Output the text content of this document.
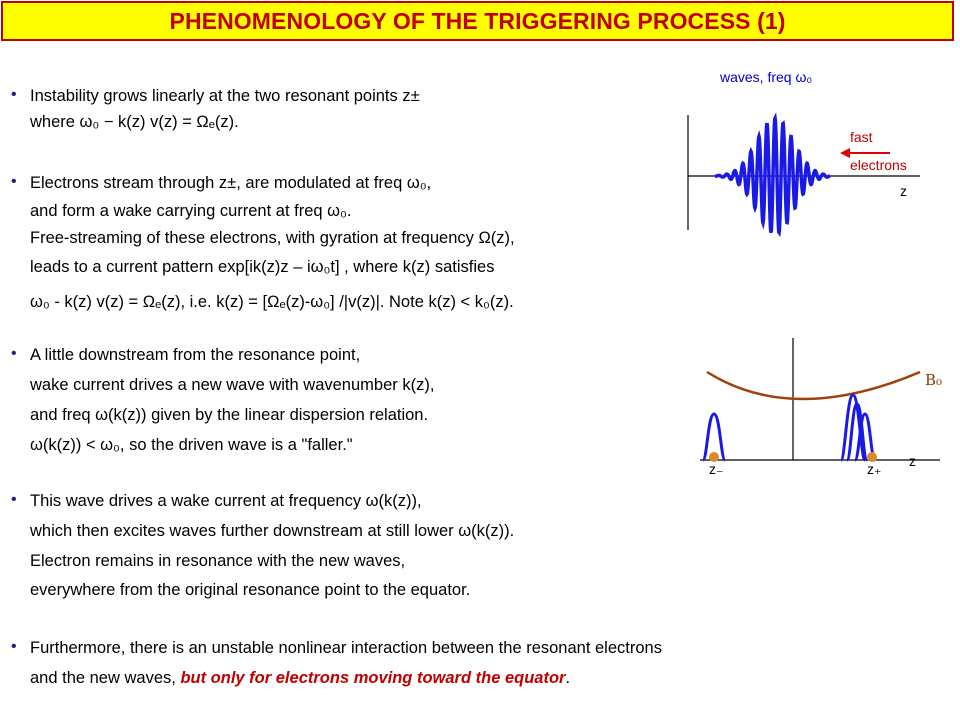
PHENOMENOLOGY OF THE TRIGGERING PROCESS (1)
• Instability grows linearly at the two resonant points z±
where ω₀ − k(z) v(z) = Ωₑ(z).
• Electrons stream through z±, are modulated at freq ω₀,
and form a wake carrying current at freq ω₀.
Free-streaming of these electrons, with gyration at frequency Ω(z),
leads to a current pattern exp[ik(z)z – iω₀t] , where k(z) satisfies
ω₀ - k(z) v(z) = Ωₑ(z), i.e. k(z) = [Ωₑ(z)-ω₀] /|v(z)|. Note k(z) < k₀(z).
• A little downstream from the resonance point,
wake current drives a new wave with wavenumber k(z),
and freq ω(k(z)) given by the linear dispersion relation.
ω(k(z)) < ω₀, so the driven wave is a "faller."
• This wave drives a wake current at frequency ω(k(z)),
which then excites waves further downstream at still lower ω(k(z)).
Electron remains in resonance with the new waves,
everywhere from the original resonance point to the equator.
• Furthermore, there is an unstable nonlinear interaction between the resonant electrons
and the new waves, but only for electrons moving toward the equator.
waves, freq ω₀
z
fast
electrons
z
B₀
z₋	z₊
